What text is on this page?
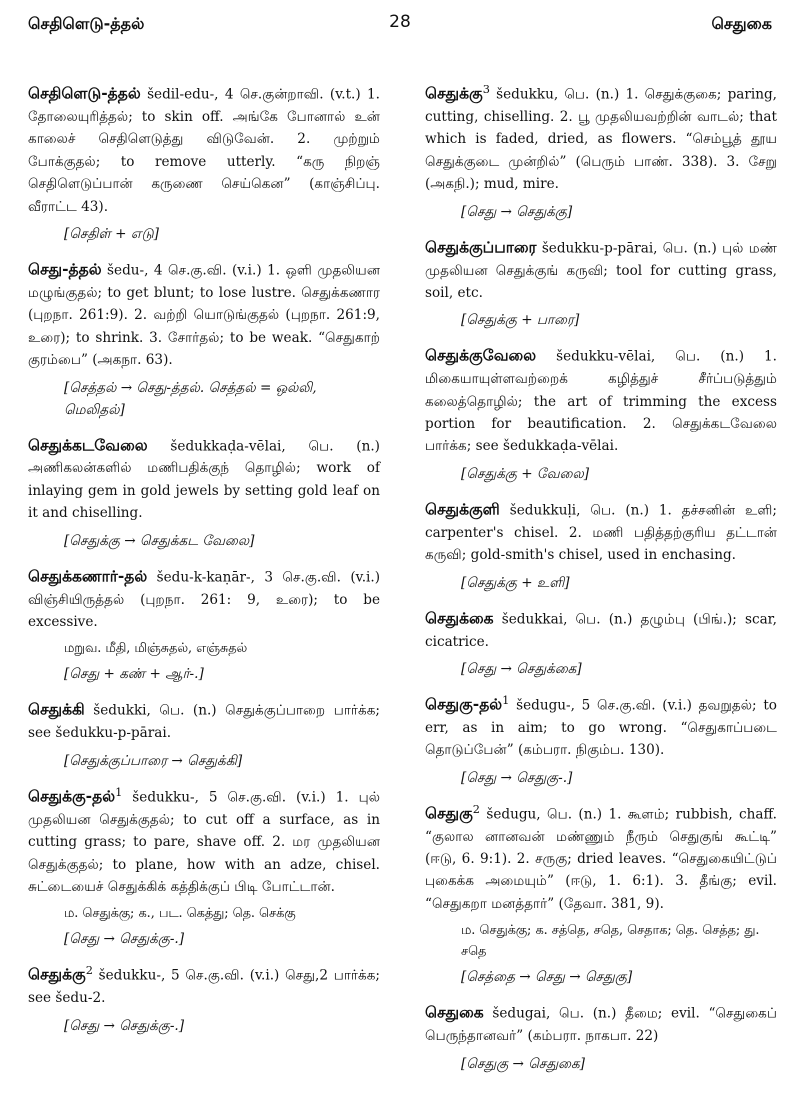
செதிளெடு-த்தல்	28	செதுகை
செதிளெடு-த்தல் šedil-edu-, 4 செ.குன்றாவி. (v.t.) 1. தோலையுரித்தல்; to skin off. அங்கே போனால் உன் காலைச் செதிளெடுத்து விடுவேன். 2. முற்றும் போக்குதல்; to remove utterly. “கரு நிறஞ் செதிளெடுப்பான் கருணை செய்கென” (காஞ்சிப்பு. வீராட்ட 43).
[செதிள் + எடு]
செது-த்தல் šedu-, 4 செ.கு.வி. (v.i.) 1. ஒளி முதலியன மழுங்குதல்; to get blunt; to lose lustre. செதுக்கணார (புறநா. 261:9). 2. வற்றி யொடுங்குதல் (புறநா. 261:9, உரை); to shrink. 3. சோர்தல்; to be weak. “செதுகாற் குரம்பை” (அகநா. 63).
[செத்தல் → செது-த்தல். செத்தல் = ஒல்லி, மெலிதல்]
செதுக்கடவேலை šedukkaḍa-vēlai, பெ. (n.) அணிகலன்களில் மணிபதிக்குந் தொழில்; work of inlaying gem in gold jewels by setting gold leaf on it and chiselling.
[செதுக்கு → செதுக்கட வேலை]
செதுக்கணார்-தல் šedu-k-kaṇār-, 3 செ.கு.வி. (v.i.) விஞ்சியிருத்தல் (புறநா. 261: 9, உரை); to be excessive.
மறுவ. மீதி, மிஞ்சுதல், எஞ்சுதல்
[செது + கண் + ஆர்-.]
செதுக்கி šedukki, பெ. (n.) செதுக்குப்பாறை பார்க்க; see šedukku-p-pārai.
[செதுக்குப்பாரை → செதுக்கி]
செதுக்கு-தல்$^1$ šedukku-, 5 செ.கு.வி. (v.i.) 1. புல் முதலியன செதுக்குதல்; to cut off a surface, as in cutting grass; to pare, shave off. 2. மர முதலியன செதுக்குதல்; to plane, how with an adze, chisel. சுட்டையைச் செதுக்கிக் கத்திக்குப் பிடி போட்டான்.
ம. செதுக்கு; க., பட. கெத்து; தெ. செக்கு
[செது → செதுக்கு-.]
செதுக்கு$^2$ šedukku-, 5 செ.கு.வி. (v.i.) செது,2 பார்க்க; see šedu-2.
[செது → செதுக்கு-.]
செதுக்கு$^3$ šedukku, பெ. (n.) 1. செதுக்குகை; paring, cutting, chiselling. 2. பூ முதலியவற்றின் வாடல்; that which is faded, dried, as flowers. “செம்பூத் தூய செதுக்குடை முன்றில்” (பெரும் பாண். 338). 3. சேறு (அகநி.); mud, mire.
[செது → செதுக்கு]
செதுக்குப்பாரை šedukku-p-pārai, பெ. (n.) புல் மண் முதலியன செதுக்குங் கருவி; tool for cutting grass, soil, etc.
[செதுக்கு + பாரை]
செதுக்குவேலை šedukku-vēlai, பெ. (n.) 1. மிகையாயுள்ளவற்றைக் கழித்துச் சீர்ப்படுத்தும் கலைத்தொழில்; the art of trimming the excess portion for beautification. 2. செதுக்கடவேலை பார்க்க; see šedukkaḍa-vēlai.
[செதுக்கு + வேலை]
செதுக்குளி šedukkuḷi, பெ. (n.) 1. தச்சனின் உளி; carpenter's chisel. 2. மணி பதித்தற்குரிய தட்டான் கருவி; gold-smith's chisel, used in enchasing.
[செதுக்கு + உளி]
செதுக்கை šedukkai, பெ. (n.) தழும்பு (பிங்.); scar, cicatrice.
[செது → செதுக்கை]
செதுகு-தல்$^1$ šedugu-, 5 செ.கு.வி. (v.i.) தவறுதல்; to err, as in aim; to go wrong. “செதுகாப்படை தொடுப்பேன்” (கம்பரா. நிகும்ப. 130).
[செது → செதுகு-.]
செதுகு$^2$ šedugu, பெ. (n.) 1. கூளம்; rubbish, chaff. “குலால னானவன் மண்ணும் நீரும் செதுகுங் கூட்டி” (ஈடு, 6. 9:1). 2. சருகு; dried leaves. “செதுகையிட்டுப் புகைக்க அமையும்” (ஈடு, 1. 6:1). 3. தீங்கு; evil. “செதுகறா மனத்தார்” (தேவா. 381, 9).
ம. செதுக்கு; க. சத்தெ, சதெ, செதாக; தெ. செத்த; து. சதெ
[செத்தை → செது → செதுகு]
செதுகை šedugai, பெ. (n.) தீமை; evil. “செதுகைப் பெருந்தானவர்” (கம்பரா. நாகபா. 22)
[செதுகு → செதுகை]
